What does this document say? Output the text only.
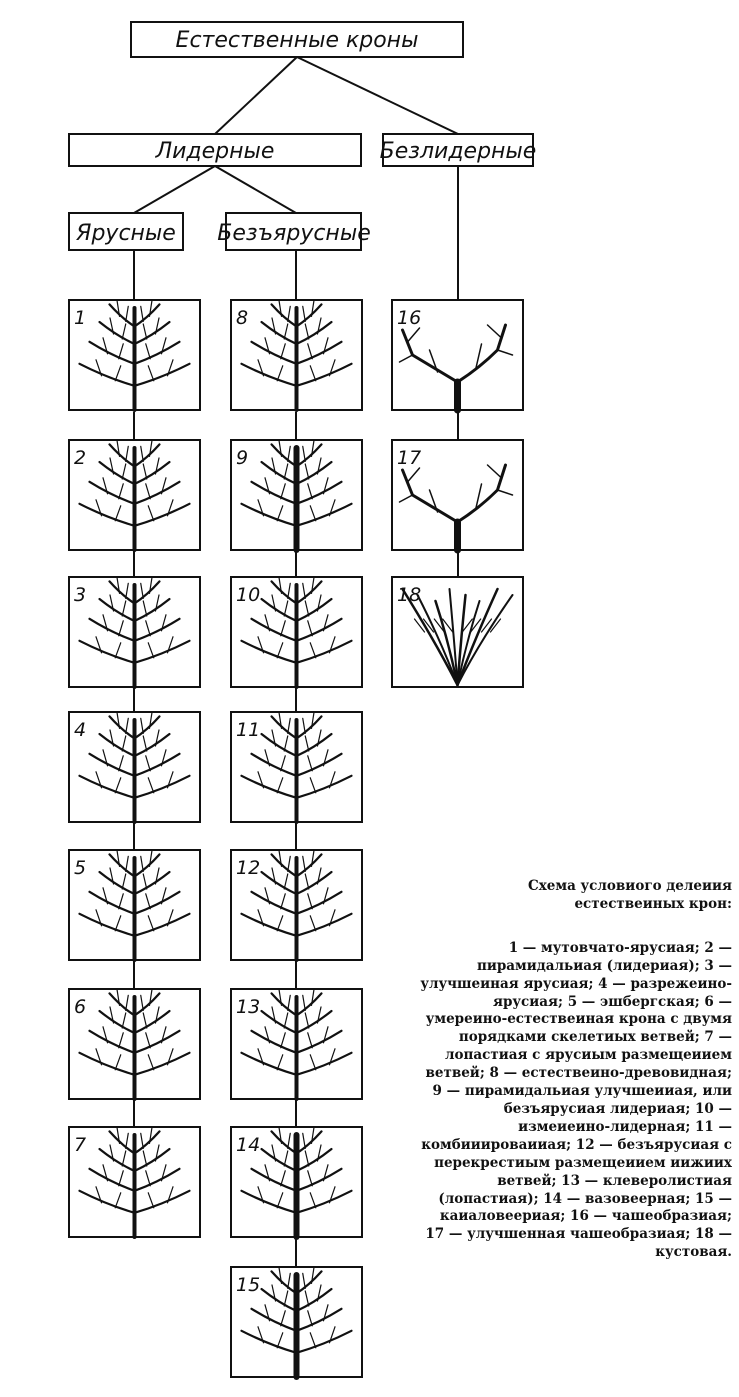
Естественные кроны
Лидерные	Безлидерные
Ярусные Безъярусные
1
2
3
4
5
6
7
8
9
10
11
12
13
14
15
16
17
18
Схема условиого делеиия естествеиных крон:
1 — мутовчато-ярусиая; 2 — пирамидальиая (лидериая); 3 — улучшеиная ярусиая; 4 — разрежеино-ярусиая; 5 — эшбергская; 6 — умереино-естествеиная крона с двумя порядками скелетиых ветвей; 7 — лопастиая с ярусиым размещеиием ветвей; 8 — естествеино-древовидная; 9 — пирамидальиая улучшеииая, или безъярусиая лидериая; 10 — измеиеино-лидерная; 11 — комбииироваииая; 12 — безъярусиая с перекрестиым размещеиием иижиих ветвей; 13 — клеверолистиая (лопастиая); 14 — вазовеерная; 15 — каиаловеериая; 16 — чашеобразиая; 17 — улучшенная чашеобразиая; 18 — кустовая.
